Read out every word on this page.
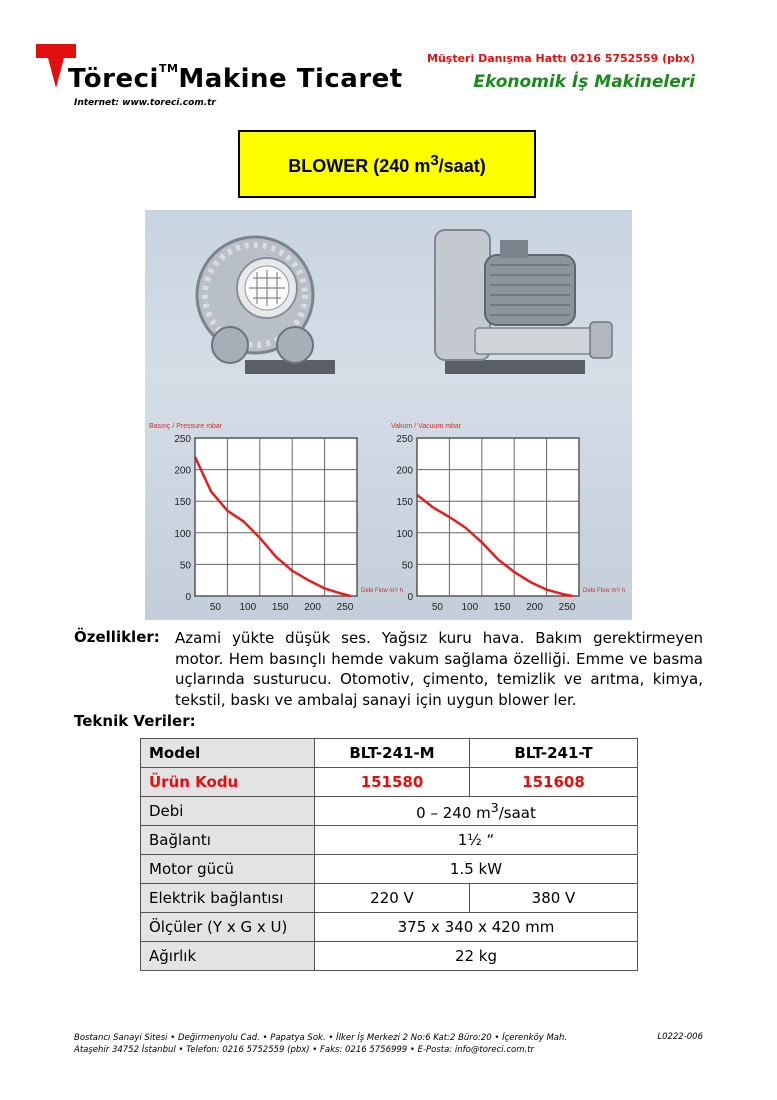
Töreci™Makine Ticaret
Internet: www.toreci.com.tr
Müşteri Danışma Hattı 0216 5752559 (pbx)
Ekonomik İş Makineleri
BLOWER (240 $m^3/saat$)
Basınç / Pressure mbar
0
50
100
150
200
250
50 100 150 200 250
Debi Flow m³/ h
Vakum / Vacuum mbar
0
50
100
150
200
250
50 100 150 200 250
Debi Flow m³/ h
Özellikler: Azami yükte düşük ses. Yağsız kuru hava. Bakım gerektirmeyen motor. Hem basınçlı hemde vakum sağlama özelliği. Emme ve basma uçlarında susturucu. Otomotiv, çimento, temizlik ve arıtma, kimya, tekstil, baskı ve ambalaj sanayi için uygun blower ler.
Teknik Veriler:
Model	BLT-241-M	BLT-241-T
Ürün Kodu	151580	151608
Debi	0 – 240 $m^3$/saat	
Bağlantı	1½ “	
Motor gücü	1.5 kW	
Elektrik bağlantısı	220 V	380 V
Ölçüler (Y x G x U)	375 x 340 x 420 mm	
Ağırlık	22 kg	
Bostancı Sanayi Sitesi • Değirmenyolu Cad. • Papatya Sok. • İlker İş Merkezi 2 No:6 Kat:2 Büro:20 • İçerenköy Mah.
Ataşehir 34752 İstanbul • Telefon: 0216 5752559 (pbx) • Faks: 0216 5756999 • E-Posta: info@toreci.com.tr
L0222-006
